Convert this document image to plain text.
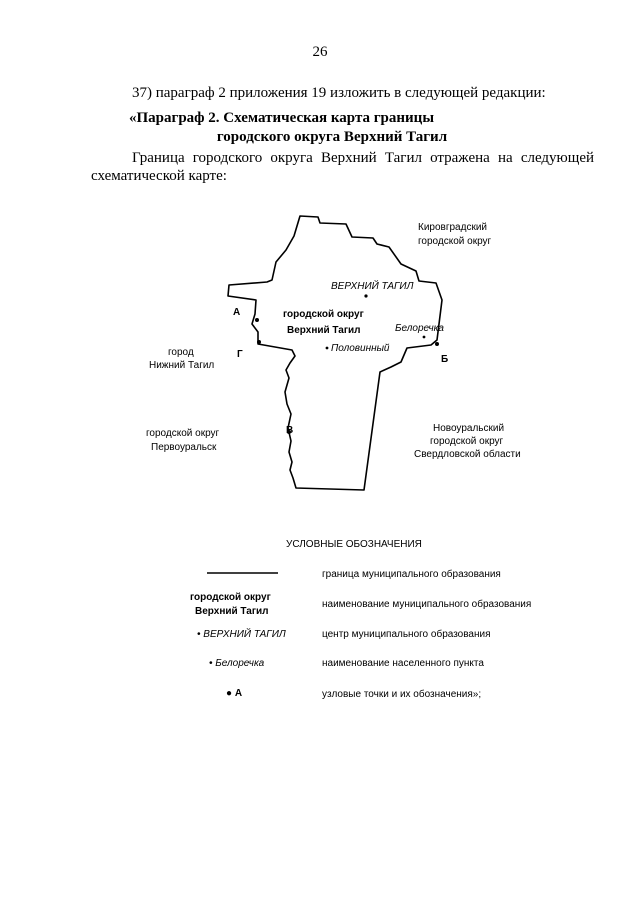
26
37) параграф 2 приложения 19 изложить в следующей редакции:
«Параграф 2. Схематическая карта границы
городского округа Верхний Тагил
Граница городского округа Верхний Тагил отражена на следующей
схематической карте:
А
Г
В
Б
Кировградский
городской округ
город
Нижний Тагил
городской округ
Первоуральск
Новоуральский
городской округ
Свердловской области
городской округ
Верхний Тагил
ВЕРХНИЙ ТАГИЛ
Белоречка
Половинный
УСЛОВНЫЕ ОБОЗНАЧЕНИЯ
граница муниципального образования
городской округ
Верхний Тагил
наименование муниципального образования
• ВЕРХНИЙ ТАГИЛ	центр муниципального образования
• Белоречка	наименование населенного пункта
● А	узловые точки и их обозначения»;
